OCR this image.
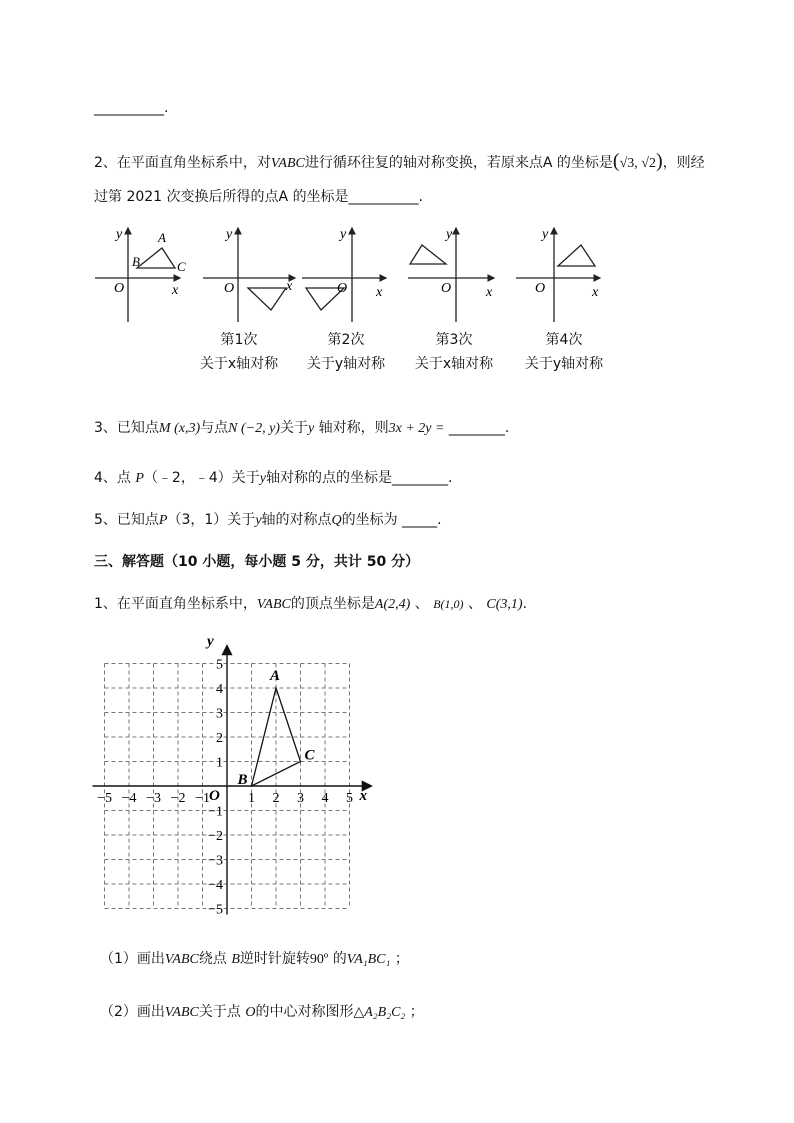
__________.
2、在平面直角坐标系中，对VABC进行循环往复的轴对称变换，若原来点A 的坐标是(√3, √2)，则经
过第 2021 次变换后所得的点A 的坐标是__________.
y
x
O
A
B	C
y
x
O
y
x
O
y
x
O
y
x
O
第1次
关于x轴对称
第2次
关于y轴对称
第3次
关于x轴对称
第4次
关于y轴对称
3、已知点M (x,3)与点N (−2, y)关于y 轴对称，则3x + 2y = ________.
4、点 P（﹣2，﹣4）关于y轴对称的点的坐标是________.
5、已知点P（3，1）关于y轴的对称点Q的坐标为 _____.
三、解答题（10 小题，每小题 5 分，共计 50 分）
1、在平面直角坐标系中，VABC的顶点坐标是A(2,4) 、 B(1,0) 、 C(3,1).
−5 −4 −3 −2 −1	1 2 3 4 5
5
4
3
2
1
−1
−2
−3
−4
−5
x
y
O
A
B
C
（1）画出VABC绕点 B逆时针旋转90º 的VA₁BC₁ ；
（2）画出VABC关于点 O的中心对称图形△A₂B₂C₂ ；
